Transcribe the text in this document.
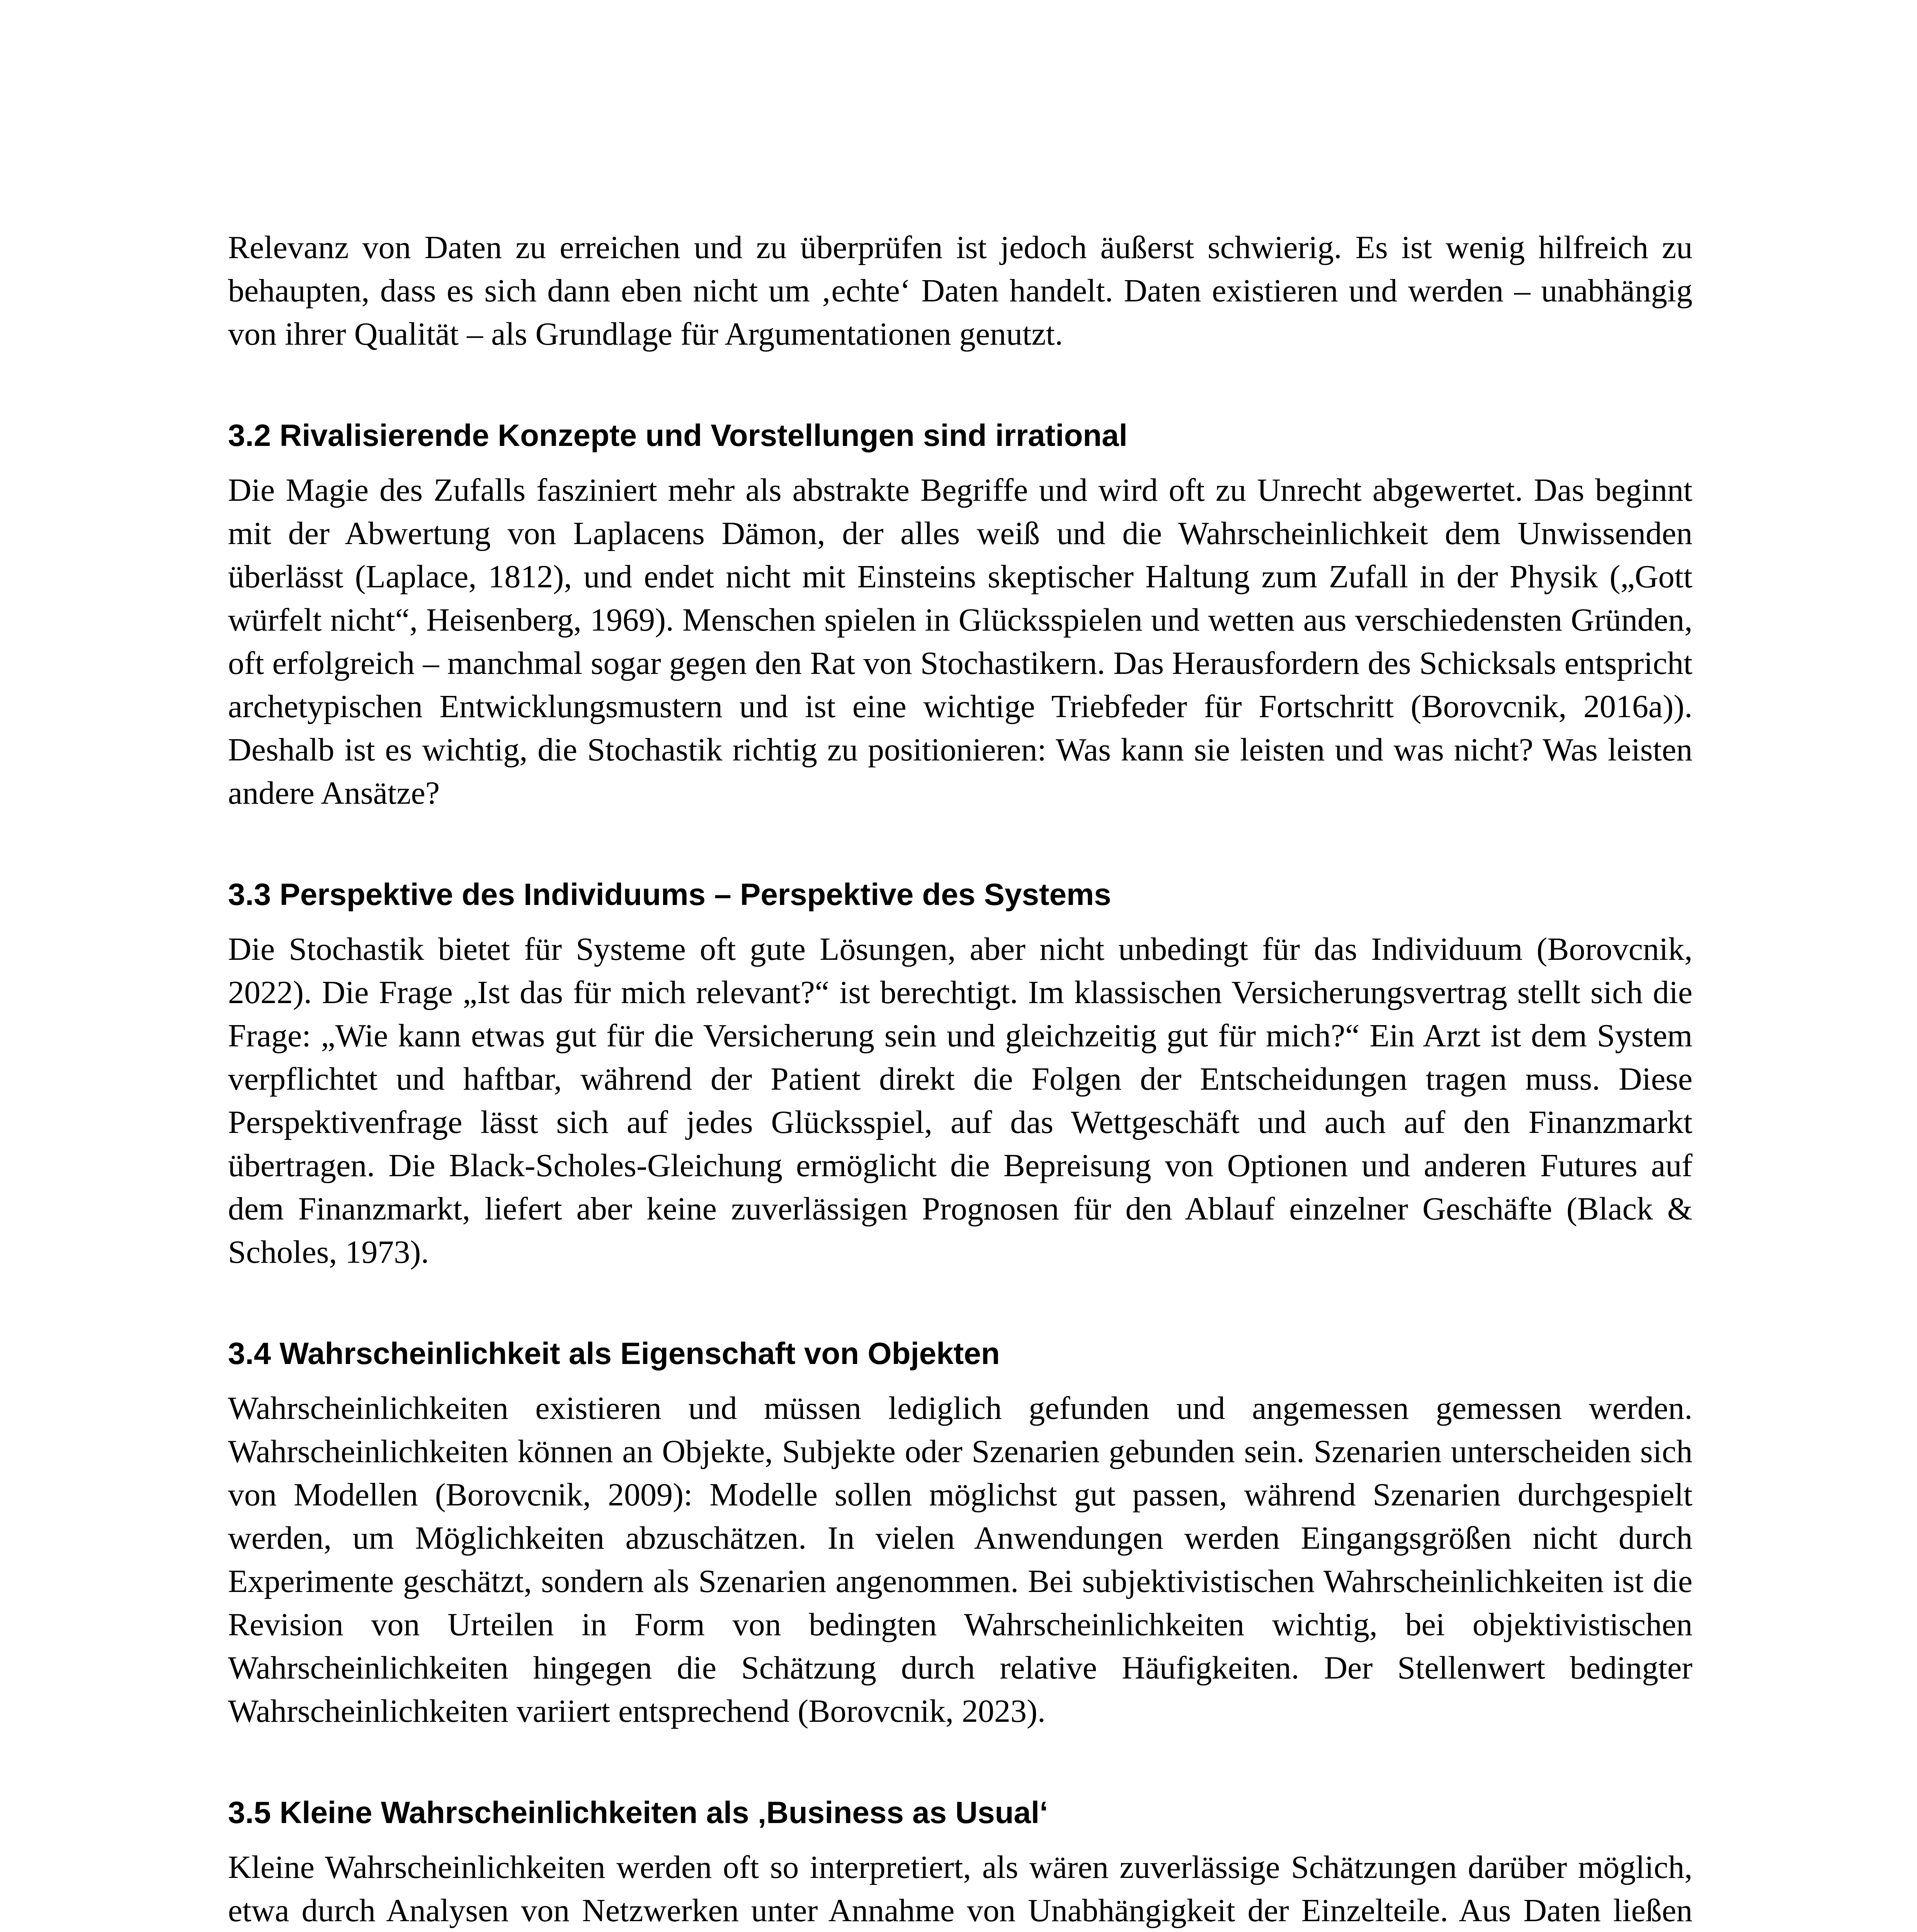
Relevanz von Daten zu erreichen und zu überprüfen ist jedoch äußerst schwierig. Es ist wenig hilfreich zu behaupten, dass es sich dann eben nicht um ‚echte‘ Daten handelt. Daten existieren und werden – unabhängig von ihrer Qualität – als Grundlage für Argumentationen genutzt.

3.2 Rivalisierende Konzepte und Vorstellungen sind irrational

Die Magie des Zufalls fasziniert mehr als abstrakte Begriffe und wird oft zu Unrecht abgewertet. Das beginnt mit der Abwertung von Laplacens Dämon, der alles weiß und die Wahrscheinlichkeit dem Unwissenden überlässt (Laplace, 1812), und endet nicht mit Einsteins skeptischer Haltung zum Zufall in der Physik („Gott würfelt nicht“, Heisenberg, 1969). Menschen spielen in Glücksspielen und wetten aus verschiedensten Gründen, oft erfolgreich – manchmal sogar gegen den Rat von Stochastikern. Das Herausfordern des Schicksals entspricht archetypischen Entwicklungsmustern und ist eine wichtige Triebfeder für Fortschritt (Borovcnik, 2016a)). Deshalb ist es wichtig, die Stochastik richtig zu positionieren: Was kann sie leisten und was nicht? Was leisten andere Ansätze?

3.3 Perspektive des Individuums – Perspektive des Systems

Die Stochastik bietet für Systeme oft gute Lösungen, aber nicht unbedingt für das Individuum (Borovcnik, 2022). Die Frage „Ist das für mich relevant?“ ist berechtigt. Im klassischen Versicherungsvertrag stellt sich die Frage: „Wie kann etwas gut für die Versicherung sein und gleichzeitig gut für mich?“ Ein Arzt ist dem System verpflichtet und haftbar, während der Patient direkt die Folgen der Entscheidungen tragen muss. Diese Perspektivenfrage lässt sich auf jedes Glücksspiel, auf das Wettgeschäft und auch auf den Finanzmarkt übertragen. Die Black-Scholes-Gleichung ermöglicht die Bepreisung von Optionen und anderen Futures auf dem Finanzmarkt, liefert aber keine zuverlässigen Prognosen für den Ablauf einzelner Geschäfte (Black & Scholes, 1973).

3.4 Wahrscheinlichkeit als Eigenschaft von Objekten

Wahrscheinlichkeiten existieren und müssen lediglich gefunden und angemessen gemessen werden. Wahrscheinlichkeiten können an Objekte, Subjekte oder Szenarien gebunden sein. Szenarien unterscheiden sich von Modellen (Borovcnik, 2009): Modelle sollen möglichst gut passen, während Szenarien durchgespielt werden, um Möglichkeiten abzuschätzen. In vielen Anwendungen werden Eingangsgrößen nicht durch Experimente geschätzt, sondern als Szenarien angenommen. Bei subjektivistischen Wahrscheinlichkeiten ist die Revision von Urteilen in Form von bedingten Wahrscheinlichkeiten wichtig, bei objektivistischen Wahrscheinlichkeiten hingegen die Schätzung durch relative Häufigkeiten. Der Stellenwert bedingter Wahrscheinlichkeiten variiert entsprechend (Borovcnik, 2023).

3.5 Kleine Wahrscheinlichkeiten als ‚Business as Usual‘

Kleine Wahrscheinlichkeiten werden oft so interpretiert, als wären zuverlässige Schätzungen darüber möglich, etwa durch Analysen von Netzwerken unter Annahme von Unabhängigkeit der Einzelteile. Aus Daten ließen
